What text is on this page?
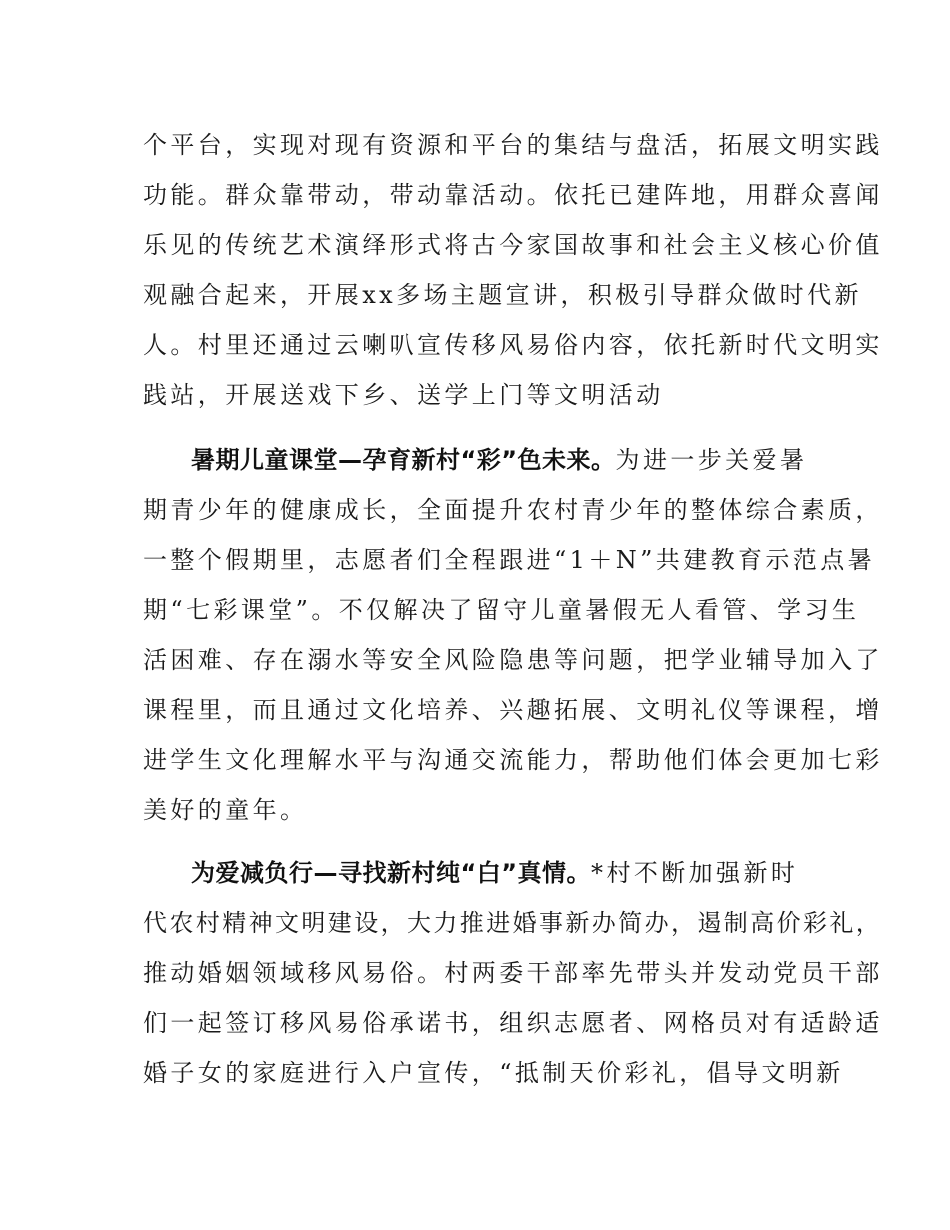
个平台，实现对现有资源和平台的集结与盘活，拓展文明实践
功能。群众靠带动，带动靠活动。依托已建阵地，用群众喜闻
乐见的传统艺术演绎形式将古今家国故事和社会主义核心价值
观融合起来，开展xx多场主题宣讲，积极引导群众做时代新
人。村里还通过云喇叭宣传移风易俗内容，依托新时代文明实
践站，开展送戏下乡、送学上门等文明活动
暑期儿童课堂—孕育新村“彩”色未来。为进一步关爱暑
期青少年的健康成长，全面提升农村青少年的整体综合素质，
一整个假期里，志愿者们全程跟进“1＋N”共建教育示范点暑
期“七彩课堂”。不仅解决了留守儿童暑假无人看管、学习生
活困难、存在溺水等安全风险隐患等问题，把学业辅导加入了
课程里，而且通过文化培养、兴趣拓展、文明礼仪等课程，增
进学生文化理解水平与沟通交流能力，帮助他们体会更加七彩
美好的童年。
为爱减负行—寻找新村纯“白”真情。*村不断加强新时
代农村精神文明建设，大力推进婚事新办简办，遏制高价彩礼，
推动婚姻领域移风易俗。村两委干部率先带头并发动党员干部
们一起签订移风易俗承诺书，组织志愿者、网格员对有适龄适
婚子女的家庭进行入户宣传，“抵制天价彩礼，倡导文明新
